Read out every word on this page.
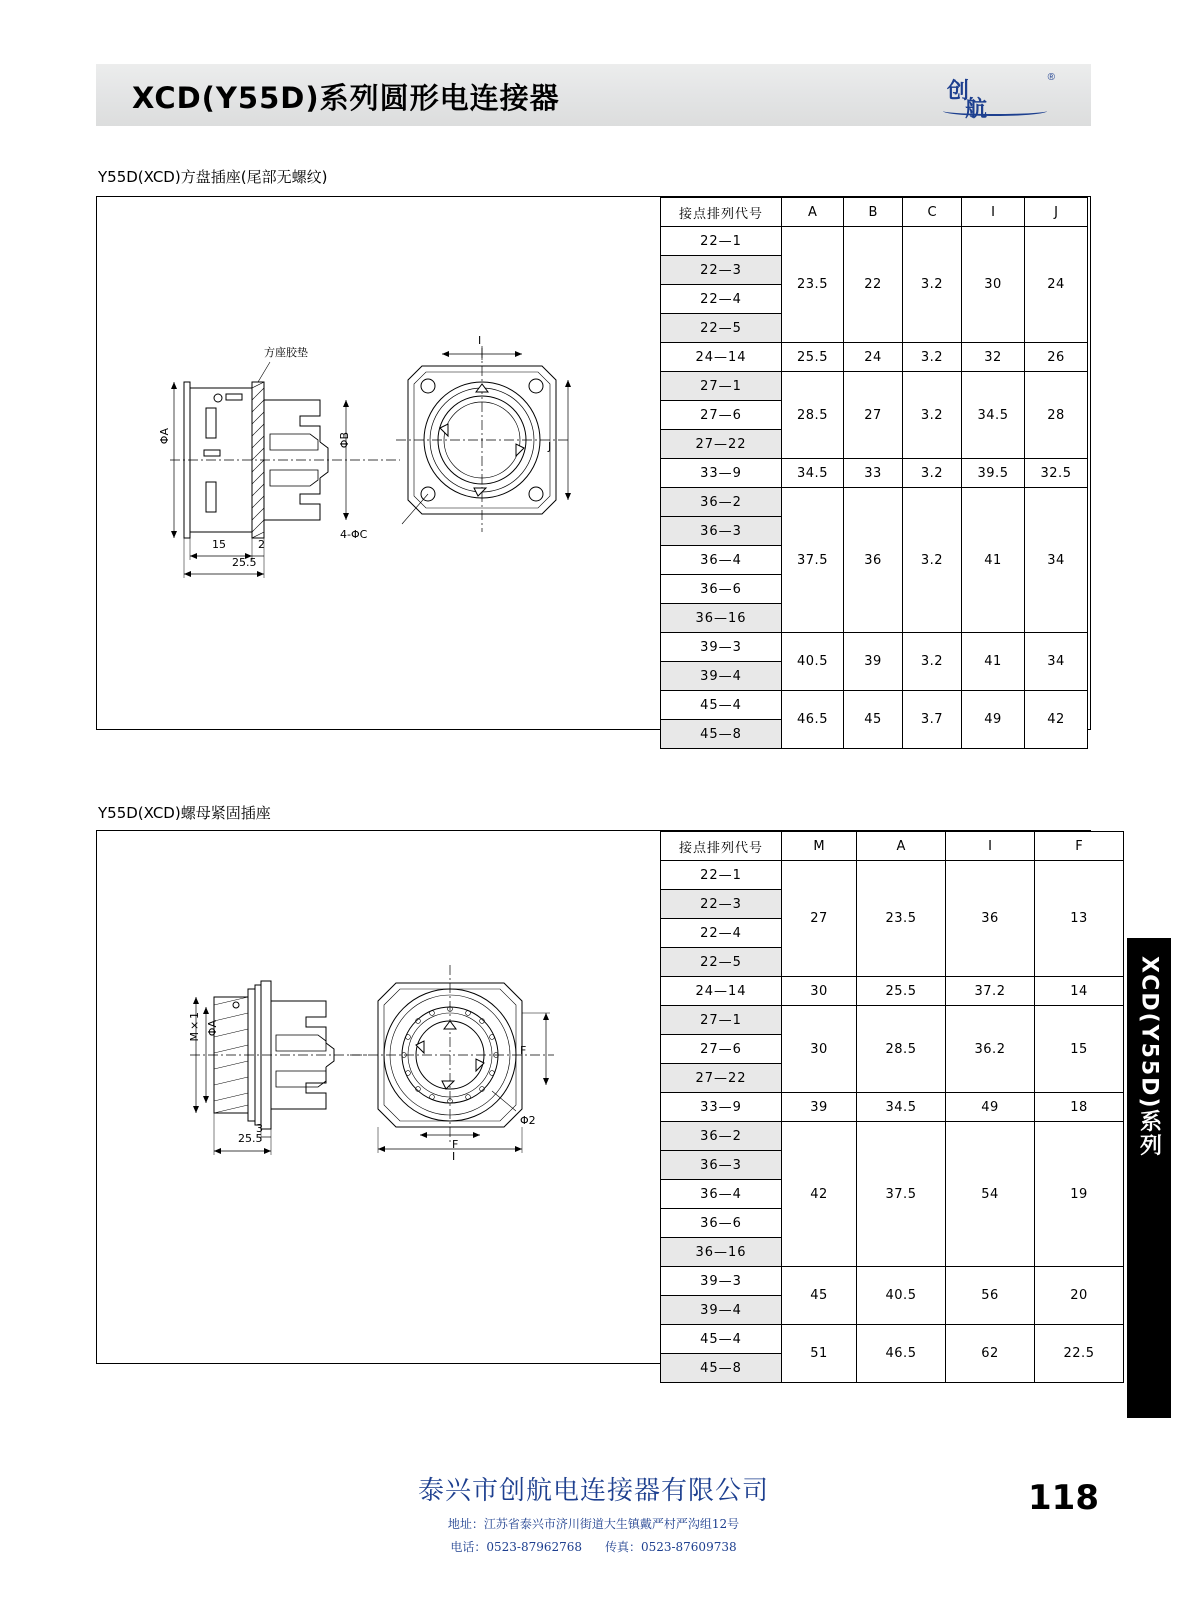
XCD(Y55D)系列圆形电连接器	创
航
®
Y55D(XCD)方盘插座(尾部无螺纹)
方座胶垫
ΦA	ΦB
15	2
25.5
I
J
4-ΦC
接点排列代号	A	B	C	I	J
22—1	23.5	22	3.2	30	24
22—3					
22—4					
22—5					
24—14	25.5	24	3.2	32	26
27—1	28.5	27	3.2	34.5	28
27—6					
27—22					
33—9	34.5	33	3.2	39.5	32.5
36—2	37.5	36	3.2	41	34
36—3					
36—4					
36—6					
36—16					
39—3	40.5	39	3.2	41	34
39—4					
45—4	46.5	45	3.7	49	42
45—8					
Y55D(XCD)螺母紧固插座
M×1 ΦA
3
25.5
F
F
I
Φ2
接点排列代号	M	A	I	F
22—1	27	23.5	36	13
22—3				
22—4				
22—5				
24—14	30	25.5	37.2	14
27—1	30	28.5	36.2	15
27—6				
27—22				
33—9	39	34.5	49	18
36—2	42	37.5	54	19
36—3				
36—4				
36—6				
36—16				
39—3	45	40.5	56	20
39—4				
45—4	51	46.5	62	22.5
45—8				
XCD(Y55D)系列
泰兴市创航电连接器有限公司
地址：江苏省泰兴市济川街道大生镇戴严村严沟组12号
电话：0523-87962768 传真：0523-87609738
118
